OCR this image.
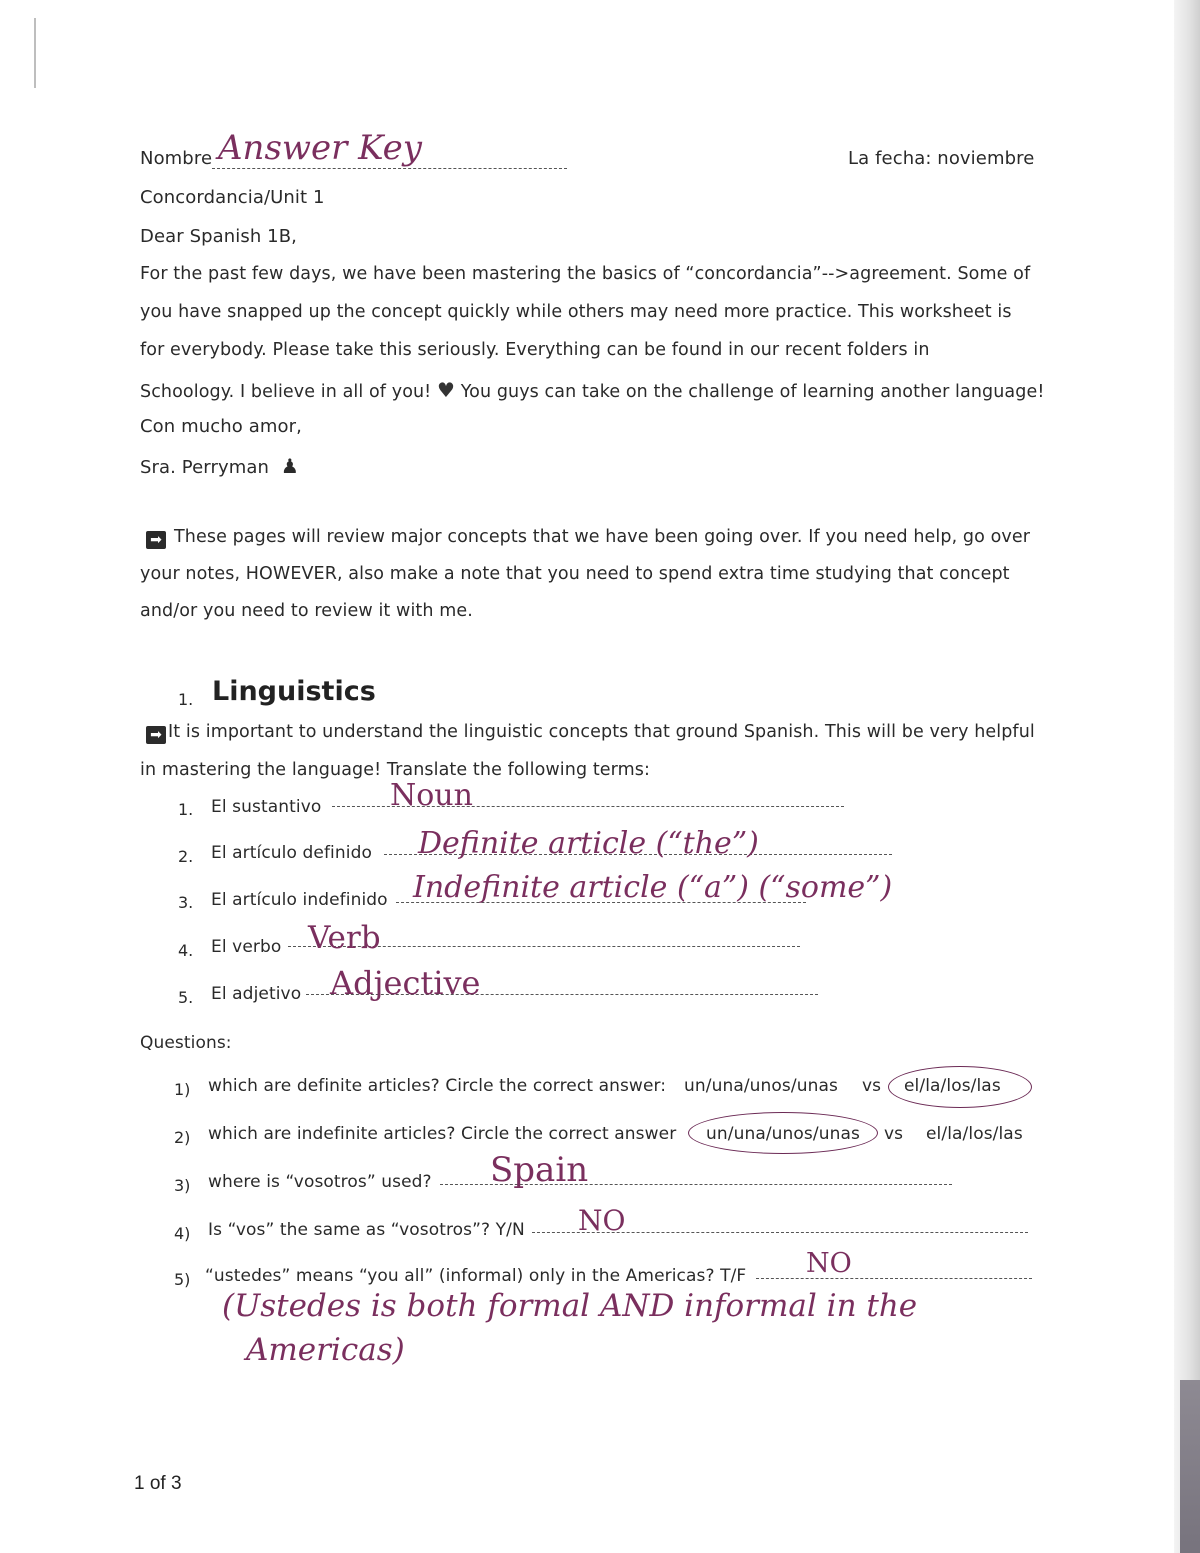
Nombre Answer Key	La fecha: noviembre
Concordancia/Unit 1
Dear Spanish 1B,
For the past few days, we have been mastering the basics of “concordancia”-->agreement. Some of
you have snapped up the concept quickly while others may need more practice. This worksheet is
for everybody. Please take this seriously. Everything can be found in our recent folders in
Schoology. I believe in all of you! ♥ You guys can take on the challenge of learning another language!
Con mucho amor,
Sra. Perryman ♟
➡ These pages will review major concepts that we have been going over. If you need help, go over
your notes, HOWEVER, also make a note that you need to spend extra time studying that concept
and/or you need to review it with me.
1. Linguistics
➡ It is important to understand the linguistic concepts that ground Spanish. This will be very helpful
in mastering the language! Translate the following terms:
1. El sustantivo Noun
2. El artículo definido Definite article (“the”)
3. El artículo indefinido Indefinite article (“a”) (“some”)
4. El verbo Verb
5. El adjetivo Adjective
Questions:
1) which are definite articles? Circle the correct answer: un/una/unos/unas vs el/la/los/las
2) which are indefinite articles? Circle the correct answer un/una/unos/unas vs el/la/los/las
3) where is “vosotros” used? Spain
4) Is “vos” the same as “vosotros”? Y/N NO
5) “ustedes” means “you all” (informal) only in the Americas? T/F NO
(Ustedes is both formal AND informal in the
Americas)
1 of 3
